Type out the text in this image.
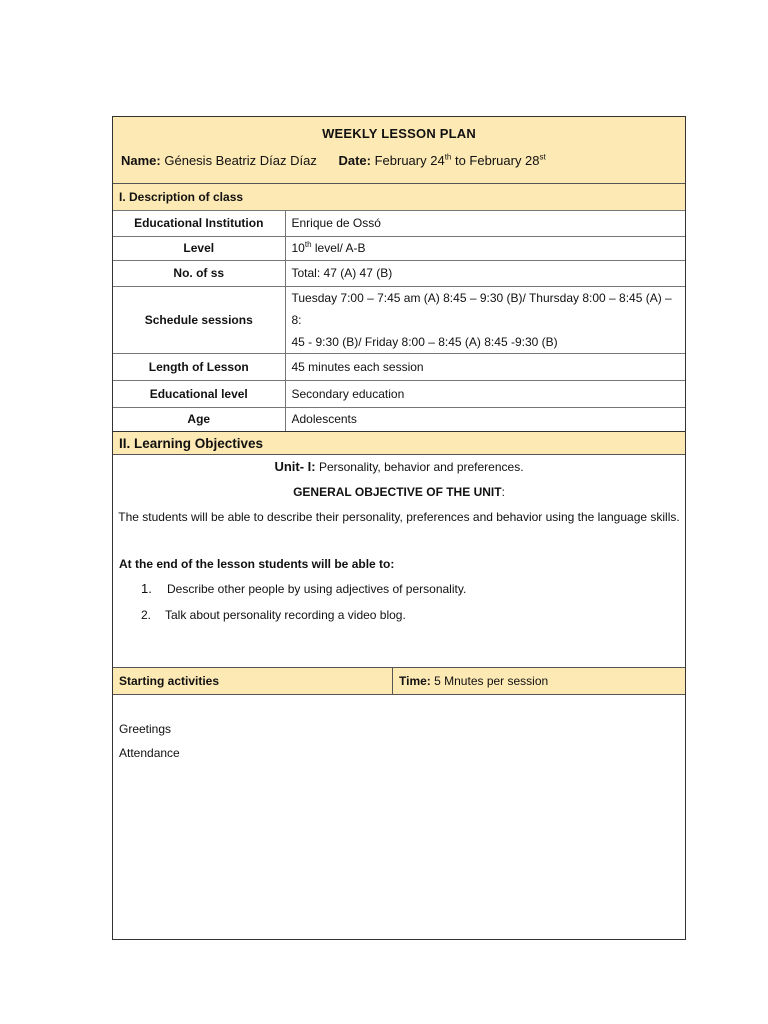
WEEKLY LESSON PLAN
Name: Génesis Beatriz Díaz Díaz Date: February 24th to February 28st
I. Description of class
Educational Institution	Enrique de Ossó
Level	10th level/ A-B
No. of ss	Total: 47 (A) 47 (B)
Schedule sessions	Tuesday 7:00 – 7:45 am (A) 8:45 – 9:30 (B)/ Thursday 8:00 – 8:45 (A) – 8:
45 - 9:30 (B)/ Friday 8:00 – 8:45 (A) 8:45 -9:30 (B)

Length of Lesson	45 minutes each session
Educational level	Secondary education
Age	Adolescents
II. Learning Objectives
Unit- I: Personality, behavior and preferences.
GENERAL OBJECTIVE OF THE UNIT:
The students will be able to describe their personality, preferences and behavior using the language skills.
At the end of the lesson students will be able to:
1. Describe other people by using adjectives of personality.
2. Talk about personality recording a video blog.
Starting activities	Time: 5 Mnutes per session
Greetings
Attendance
